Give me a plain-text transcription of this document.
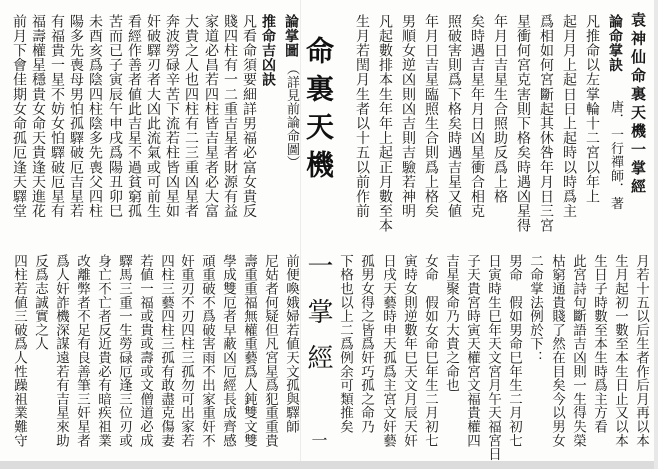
袁神仙命裏天機一掌經
論命掌訣
唐．一行禪師．著
凡推命以左掌輪十二宮以年上
起月月上起日日上起時以時爲主
爲相如何宮斷起其休咎年月日三宮
星衝何宮克害則下格矣時遇凶星得
年月日吉星生合照助反爲上格
矣時遇吉星年月日凶星衝合相克
照破害則爲下格矣時遇吉星又値
年月日吉星臨照生合則爲上格矣
男順女逆凶則凶吉則吉驗若神明
凡起數排本生年年上起正月數至本
生月若閏月生者以十五以前作前
月若十五以后生者作后月再以本
生月起初一數至本生日止又以本
生日子時數至本生時爲主方看
此宮詩句斷語吉凶則一生得失榮
枯窮通貴賤了然在目矣今以男女
二命掌法例於下：
男命　假如男命巳年生二月初七
日寅時生巳年天文宮月午天福宮日
子天貴宮時寅天權宮文福貴權四
吉星聚命乃大貴之命也
女命　假如女命巳年生二月初七
寅時女則逆數年巳天文月辰天奸
日戌天藝時申天孤爲主宮文奸藝
孤男女得之皆爲奸巧孤之命乃
下格也以上二爲例余可類推矣
命裏天機
一掌經
一
論掌圖
（詳見前論命圖）
推命吉凶訣
凡看命須要細詳男福必富女貴反
賤四柱有一二重吉星者財源有益
家道必昌若四柱皆吉星者必大富
大貴之人也四柱有二三重凶星者
奔波勞碌辛苦下流若柱皆凶星如
奸破驛刃者大凶此流氣或可前生
看經作善者値此吉星不過貧窮孤
苦而已子寅辰午申戌爲陽丑卯巳
未酉亥爲陰四柱陰多先喪父四柱
陽多先喪母男怕孤驛破厄吉星若
有福貴一星不妨女怕驛破厄星有
福壽權星穩貴女命天貴逢天進花
前月下會佳期女命孤厄逢天驛堂
前便喚娥婦若値天文孤與驛師
尼姑者何疑但凡宮星爲犯重重貴
壽重重福無權重藝爲人鈍雙文雙
學成雙厄者早蔽凶厄經長成齊感
頑重破不爲破害雨不出家重奸不
奸重刃不刃四柱三孤勿可出家若
四柱三藝四柱三孤有敢盡克傷妻
若値一福或貴或壽或文僧道必成
驛馬三重一生勞碌厄逢三位刃或
身亡不亡者反近貴必有暗疾祖業
改離弊者不足有良善筆三奸星者
爲人奸詐機深謀遠若有吉星來助
反爲志誠實之人
四柱若値三破爲人性躁祖業難守
